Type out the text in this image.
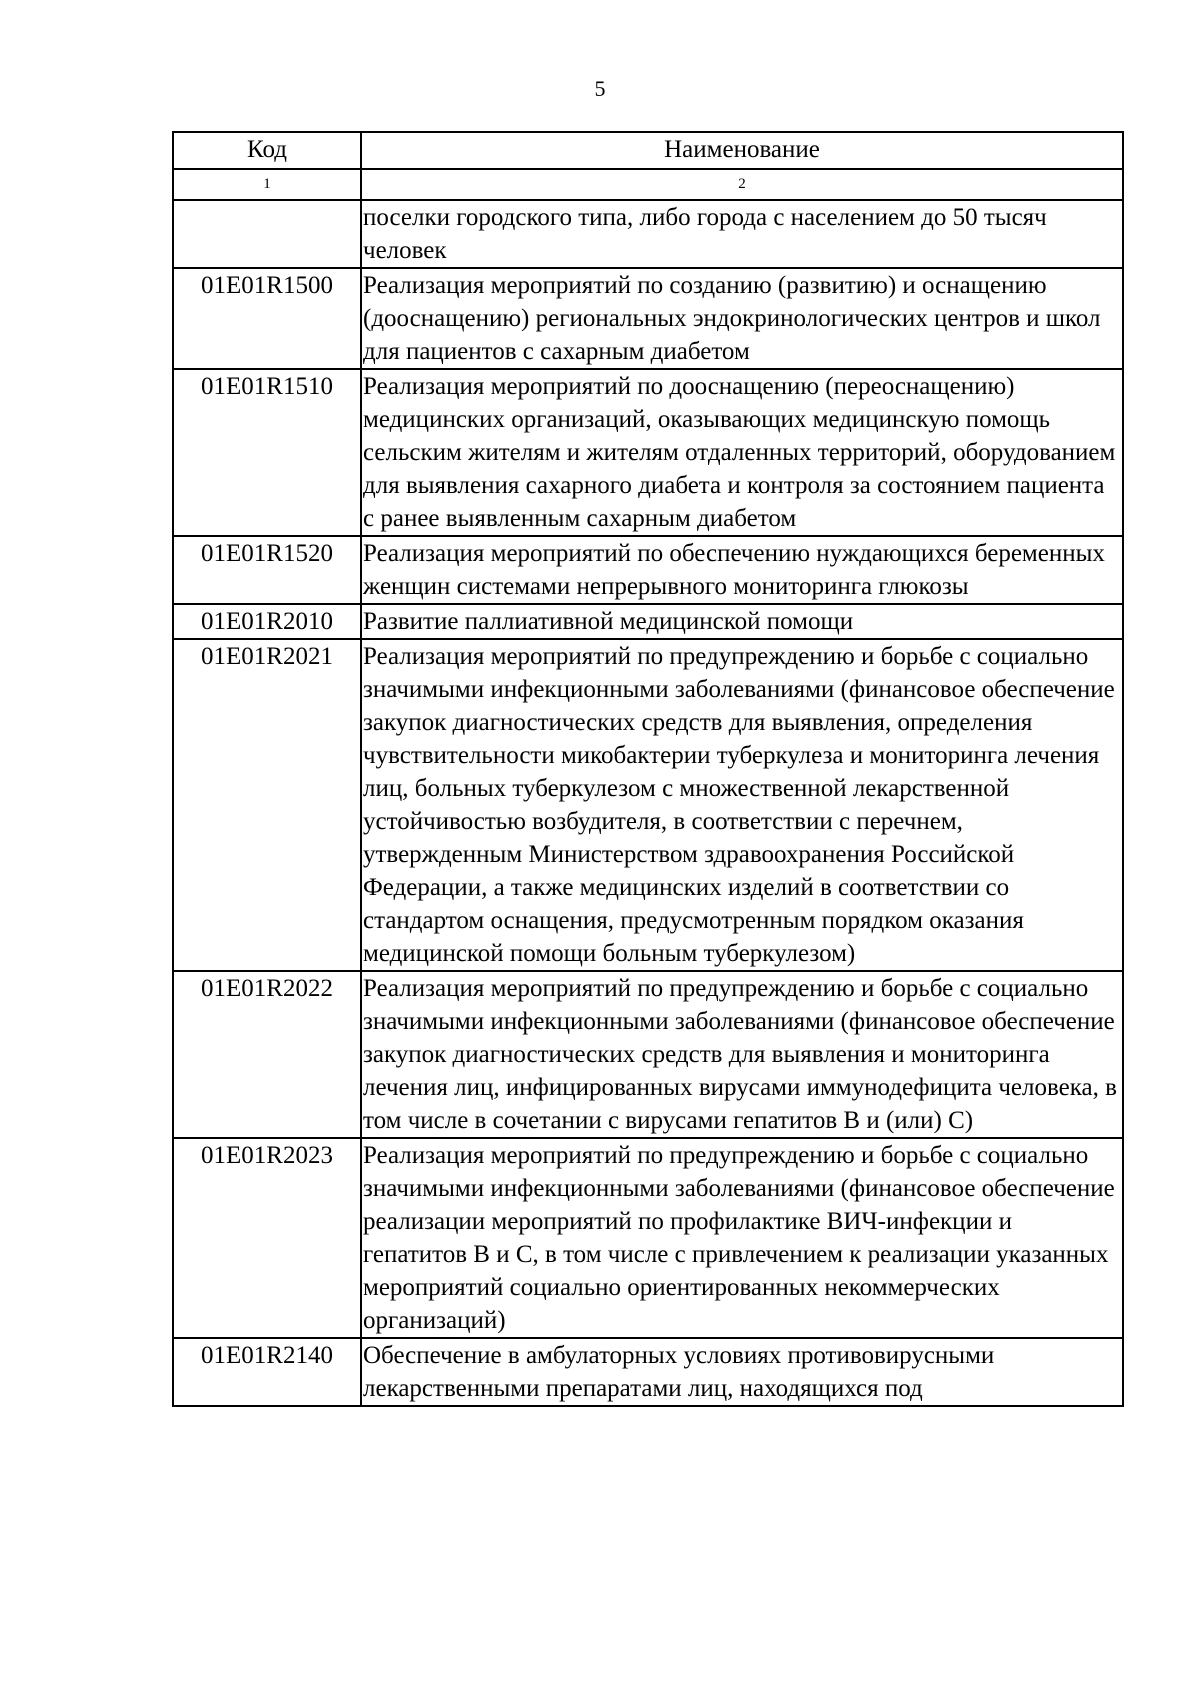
5
Код	Наименование
1	2
	поселки городского типа, либо города с населением до 50 тысяч человек
01E01R1500	Реализация мероприятий по созданию (развитию) и оснащению (дооснащению) региональных эндокринологических центров и школ для пациентов с сахарным диабетом
01E01R1510	Реализация мероприятий по дооснащению (переоснащению) медицинских организаций, оказывающих медицинскую помощь сельским жителям и жителям отдаленных территорий, оборудованием для выявления сахарного диабета и контроля за состоянием пациента с ранее выявленным сахарным диабетом
01E01R1520	Реализация мероприятий по обеспечению нуждающихся беременных женщин системами непрерывного мониторинга глюкозы
01E01R2010	Развитие паллиативной медицинской помощи
01E01R2021	Реализация мероприятий по предупреждению и борьбе с социально значимыми инфекционными заболеваниями (финансовое обеспечение закупок диагностических средств для выявления, определения чувствительности микобактерии туберкулеза и мониторинга лечения лиц, больных туберкулезом с множественной лекарственной устойчивостью возбудителя, в соответствии с перечнем, утвержденным Министерством здравоохранения Российской Федерации, а также медицинских изделий в соответствии со стандартом оснащения, предусмотренным порядком оказания медицинской помощи больным туберкулезом)
01E01R2022	Реализация мероприятий по предупреждению и борьбе с социально значимыми инфекционными заболеваниями (финансовое обеспечение закупок диагностических средств для выявления и мониторинга лечения лиц, инфицированных вирусами иммунодефицита человека, в том числе в сочетании с вирусами гепатитов B и (или) C)
01E01R2023	Реализация мероприятий по предупреждению и борьбе с социально значимыми инфекционными заболеваниями (финансовое обеспечение реализации мероприятий по профилактике ВИЧ-инфекции и гепатитов B и C, в том числе с привлечением к реализации указанных мероприятий социально ориентированных некоммерческих организаций)
01E01R2140	Обеспечение в амбулаторных условиях противовирусными лекарственными препаратами лиц, находящихся под
